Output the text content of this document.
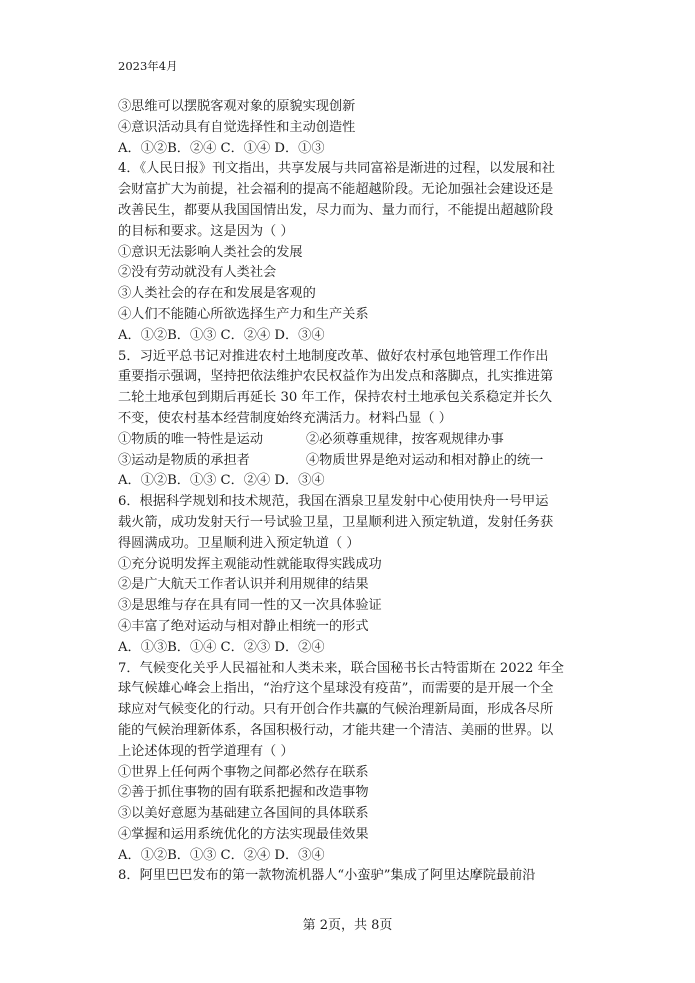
2023年4月
③思维可以摆脱客观对象的原貌实现创新
④意识活动具有自觉选择性和主动创造性
A．①②B．②④ C．①④ D．①③
4．《人民日报》刊文指出，共享发展与共同富裕是渐进的过程，以发展和社
会财富扩大为前提，社会福利的提高不能超越阶段。无论加强社会建设还是
改善民生，都要从我国国情出发，尽力而为、量力而行，不能提出超越阶段
的目标和要求。这是因为（ ）
①意识无法影响人类社会的发展
②没有劳动就没有人类社会
③人类社会的存在和发展是客观的
④人们不能随心所欲选择生产力和生产关系
A．①②B．①③ C．②④ D．③④
5．习近平总书记对推进农村土地制度改革、做好农村承包地管理工作作出
重要指示强调，坚持把依法维护农民权益作为出发点和落脚点，扎实推进第
二轮土地承包到期后再延长 30 年工作，保持农村土地承包关系稳定并长久
不变，使农村基本经营制度始终充满活力。材料凸显（ ）
①物质的唯一特性是运动	②必须尊重规律，按客观规律办事
③运动是物质的承担者	④物质世界是绝对运动和相对静止的统一
A．①②B．①③ C．②④ D．③④
6．根据科学规划和技术规范，我国在酒泉卫星发射中心使用快舟一号甲运
载火箭，成功发射天行一号试验卫星，卫星顺利进入预定轨道，发射任务获
得圆满成功。卫星顺利进入预定轨道（ ）
①充分说明发挥主观能动性就能取得实践成功
②是广大航天工作者认识并利用规律的结果
③是思维与存在具有同一性的又一次具体验证
④丰富了绝对运动与相对静止相统一的形式
A．①③B．①④ C．②③ D．②④
7．气候变化关乎人民福祉和人类未来，联合国秘书长古特雷斯在 2022 年全
球气候雄心峰会上指出，“治疗这个星球没有疫苗”，而需要的是开展一个全
球应对气候变化的行动。只有开创合作共赢的气候治理新局面，形成各尽所
能的气候治理新体系，各国积极行动，才能共建一个清洁、美丽的世界。以
上论述体现的哲学道理有（ ）
①世界上任何两个事物之间都必然存在联系
②善于抓住事物的固有联系把握和改造事物
③以美好意愿为基础建立各国间的具体联系
④掌握和运用系统优化的方法实现最佳效果
A．①②B．①③ C．②④ D．③④
8．阿里巴巴发布的第一款物流机器人“小蛮驴”集成了阿里达摩院最前沿
第 2页，共 8页
